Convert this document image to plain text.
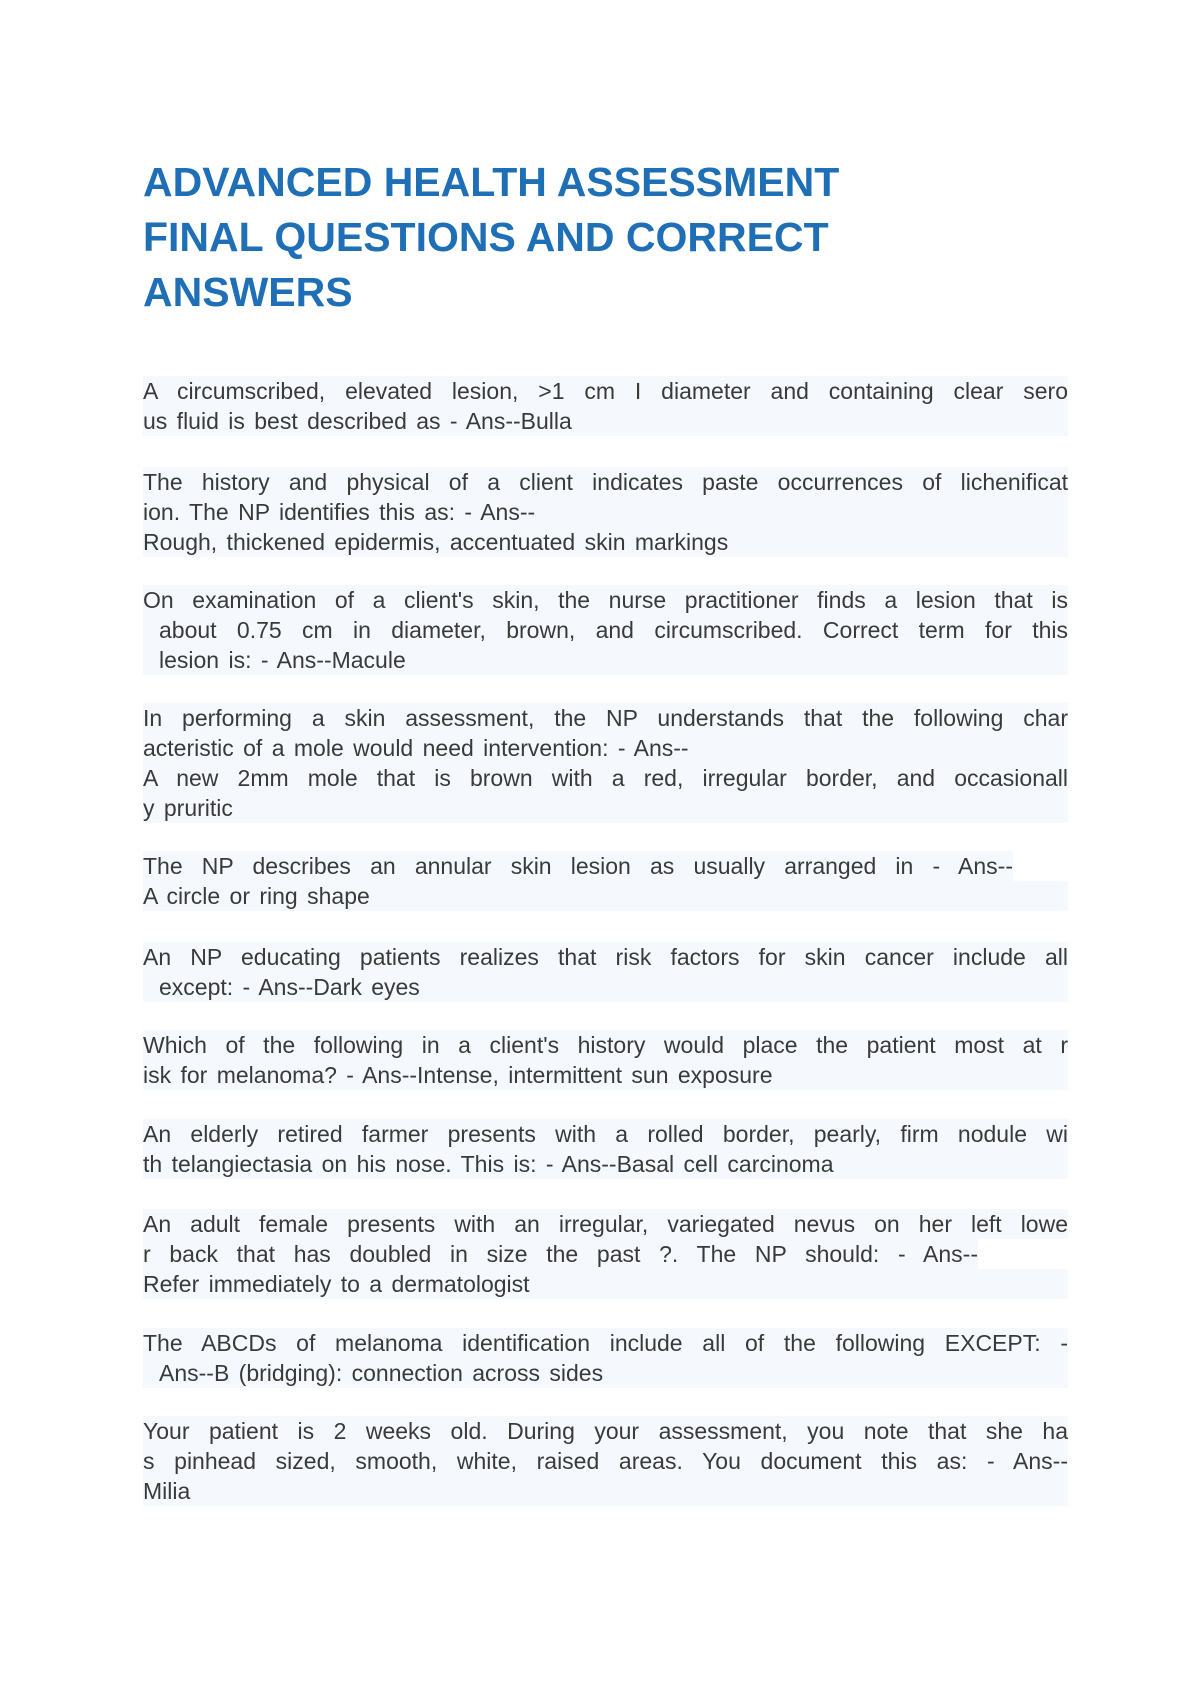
ADVANCED HEALTH ASSESSMENT
FINAL QUESTIONS AND CORRECT
ANSWERS

A circumscribed, elevated lesion, >1 cm I diameter and containing clear sero
us fluid is best described as - Ans--Bulla

The history and physical of a client indicates paste occurrences of lichenificat
ion. The NP identifies this as: - Ans--
Rough, thickened epidermis, accentuated skin markings

On examination of a client's skin, the nurse practitioner finds a lesion that is
about 0.75 cm in diameter, brown, and circumscribed. Correct term for this
lesion is: - Ans--Macule

In performing a skin assessment, the NP understands that the following char
acteristic of a mole would need intervention: - Ans--
A new 2mm mole that is brown with a red, irregular border, and occasionall
y pruritic

The NP describes an annular skin lesion as usually arranged in - Ans--
A circle or ring shape

An NP educating patients realizes that risk factors for skin cancer include all
except: - Ans--Dark eyes

Which of the following in a client's history would place the patient most at r
isk for melanoma? - Ans--Intense, intermittent sun exposure

An elderly retired farmer presents with a rolled border, pearly, firm nodule wi
th telangiectasia on his nose. This is: - Ans--Basal cell carcinoma

An adult female presents with an irregular, variegated nevus on her left lowe
r back that has doubled in size the past ?. The NP should: - Ans--
Refer immediately to a dermatologist

The ABCDs of melanoma identification include all of the following EXCEPT: -
Ans--B (bridging): connection across sides

Your patient is 2 weeks old. During your assessment, you note that she ha
s pinhead sized, smooth, white, raised areas. You document this as: - Ans--
Milia
